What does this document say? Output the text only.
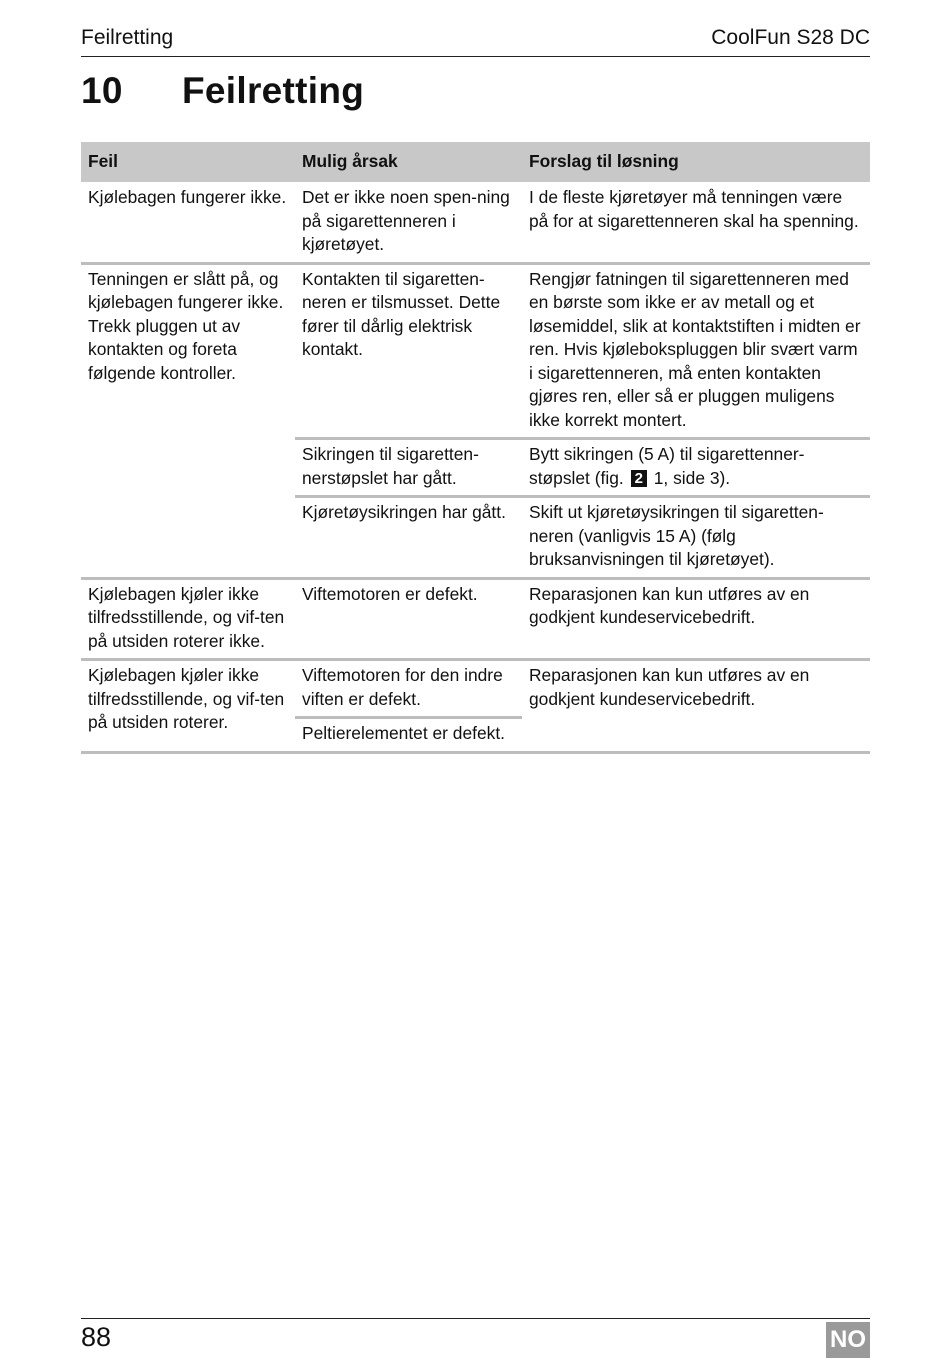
Feilretting	CoolFun S28 DC
10 Feilretting
Feil	Mulig årsak	Forslag til løsning
Kjølebagen fungerer ikke.	Det er ikke noen spen-ning på sigarettenneren i kjøretøyet.	I de fleste kjøretøyer må tenningen være på for at sigarettenneren skal ha spenning.
Tenningen er slått på, og kjølebagen fungerer ikke. Trekk pluggen ut av kontakten og foreta følgende kontroller.	Kontakten til sigaretten-neren er tilsmusset. Dette fører til dårlig elektrisk kontakt.	Rengjør fatningen til sigarettenneren med en børste som ikke er av metall og et løsemiddel, slik at kontaktstiften i midten er ren. Hvis kjølebokspluggen blir svært varm i sigarettenneren, må enten kontakten gjøres ren, eller så er pluggen muligens ikke korrekt montert.
	Sikringen til sigaretten-nerstøpslet har gått.	Bytt sikringen (5 A) til sigarettenner-støpslet (fig. 2 1, side 3).
	Kjøretøysikringen har gått.	Skift ut kjøretøysikringen til sigaretten-neren (vanligvis 15 A) (følg bruksanvisningen til kjøretøyet).
Kjølebagen kjøler ikke tilfredsstillende, og vif-ten på utsiden roterer ikke.	Viftemotoren er defekt.	Reparasjonen kan kun utføres av en godkjent kundeservicebedrift.
Kjølebagen kjøler ikke tilfredsstillende, og vif-ten på utsiden roterer.	Viftemotoren for den indre viften er defekt.	Reparasjonen kan kun utføres av en godkjent kundeservicebedrift.
	Peltierelementet er defekt.	
88	NO
